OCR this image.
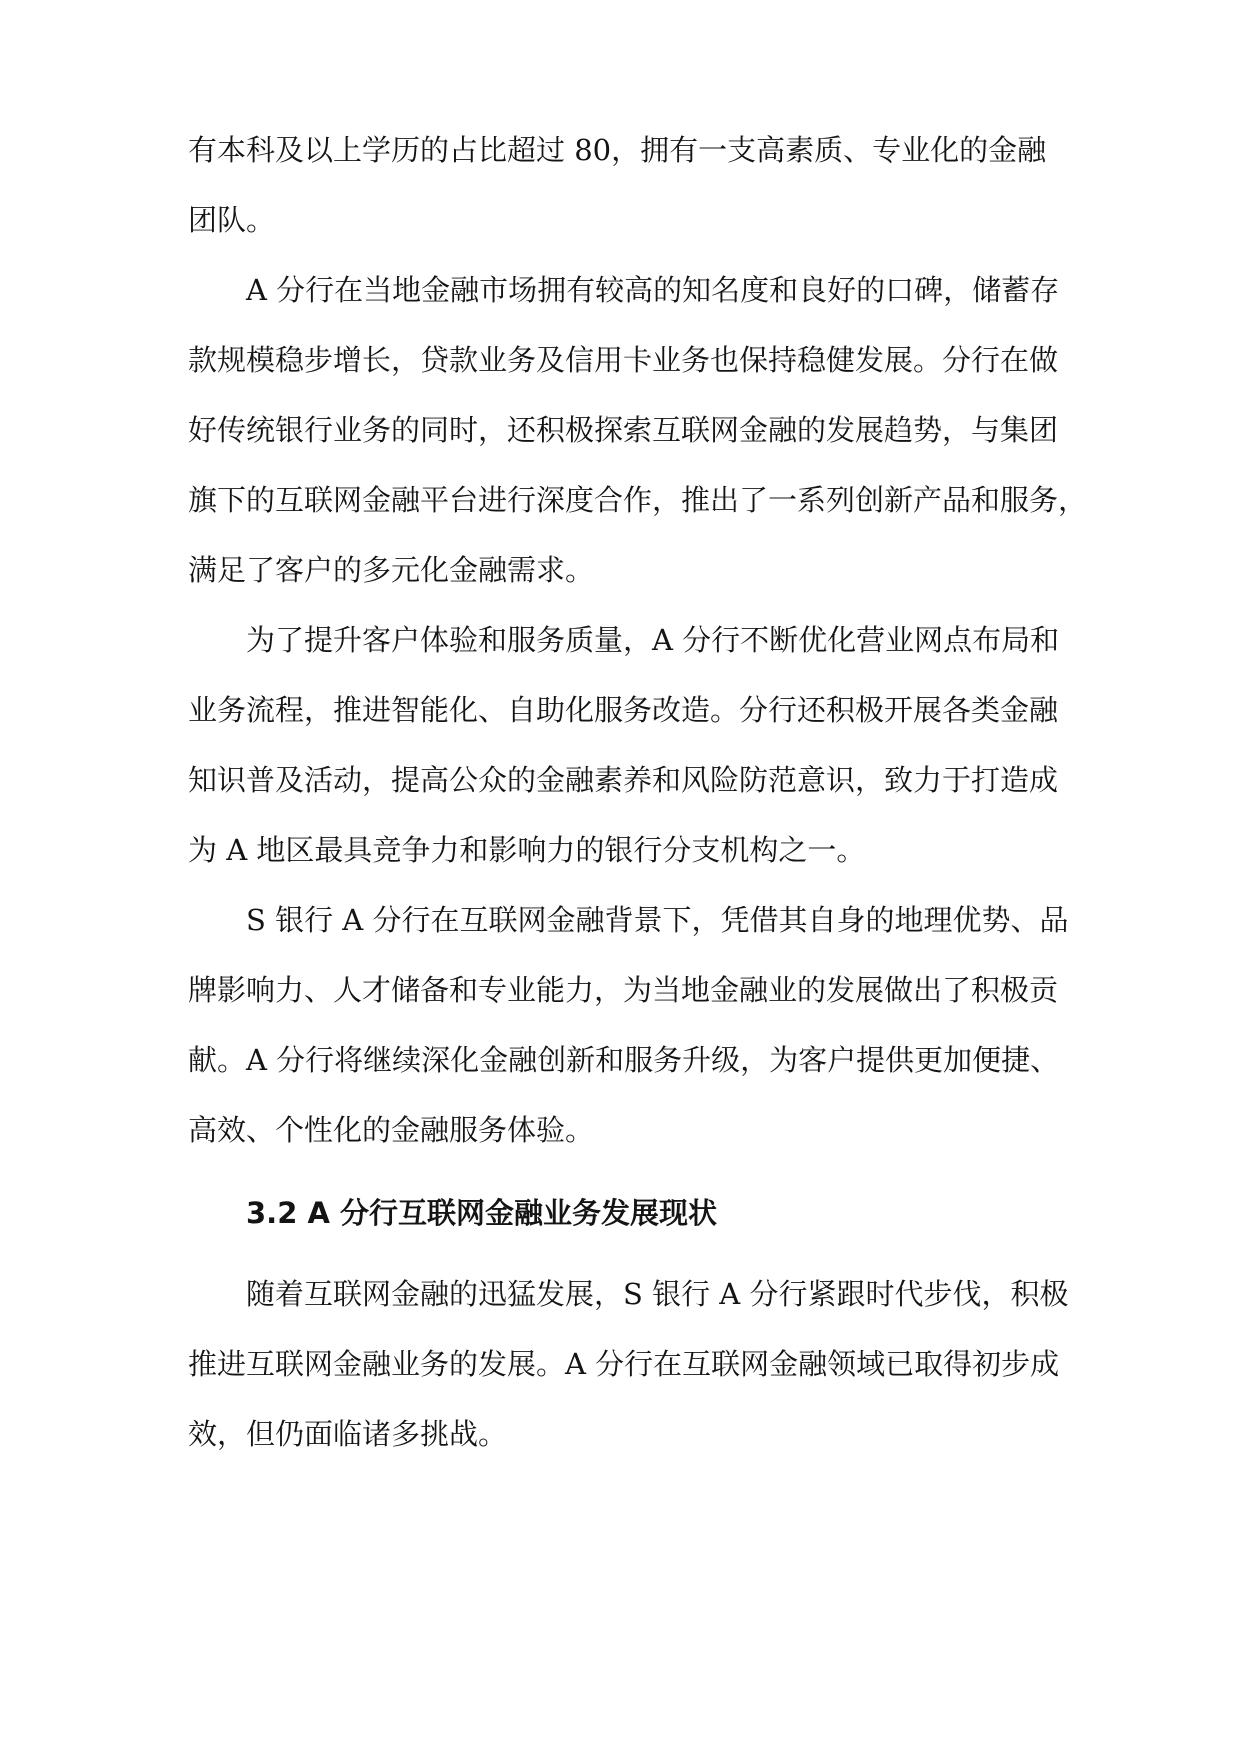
有本科及以上学历的占比超过 80，拥有一支高素质、专业化的金融
团队。
A 分行在当地金融市场拥有较高的知名度和良好的口碑，储蓄存
款规模稳步增长，贷款业务及信用卡业务也保持稳健发展。分行在做
好传统银行业务的同时，还积极探索互联网金融的发展趋势，与集团
旗下的互联网金融平台进行深度合作，推出了一系列创新产品和服务，
满足了客户的多元化金融需求。
为了提升客户体验和服务质量，A 分行不断优化营业网点布局和
业务流程，推进智能化、自助化服务改造。分行还积极开展各类金融
知识普及活动，提高公众的金融素养和风险防范意识，致力于打造成
为 A 地区最具竞争力和影响力的银行分支机构之一。
S 银行 A 分行在互联网金融背景下，凭借其自身的地理优势、品
牌影响力、人才储备和专业能力，为当地金融业的发展做出了积极贡
献。A 分行将继续深化金融创新和服务升级，为客户提供更加便捷、
高效、个性化的金融服务体验。
3.2 A 分行互联网金融业务发展现状
随着互联网金融的迅猛发展，S 银行 A 分行紧跟时代步伐，积极
推进互联网金融业务的发展。A 分行在互联网金融领域已取得初步成
效，但仍面临诸多挑战。
